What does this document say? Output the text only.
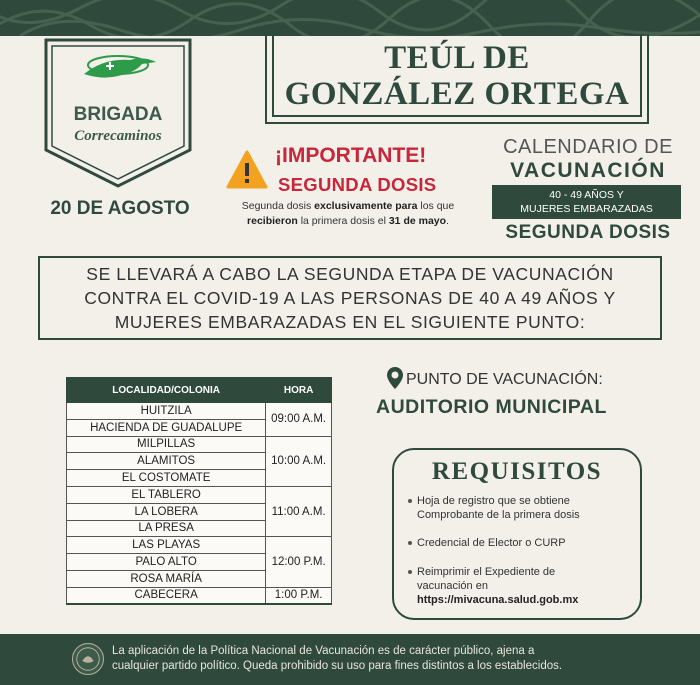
BRIGADA
Correcaminos
20 DE AGOSTO
TEÚL DE
GONZÁLEZ ORTEGA
¡IMPORTANTE!
SEGUNDA DOSIS
Segunda dosis exclusivamente para los que recibieron la primera dosis el 31 de mayo.
CALENDARIO DE
VACUNACIÓN
40 - 49 AÑOS Y
MUJERES EMBARAZADAS
SEGUNDA DOSIS
SE LLEVARÁ A CABO LA SEGUNDA ETAPA DE VACUNACIÓN
CONTRA EL COVID-19 A LAS PERSONAS DE 40 A 49 AÑOS Y
MUJERES EMBARAZADAS EN EL SIGUIENTE PUNTO:
LOCALIDAD/COLONIA	HORA
HUITZILA	09:00 A.M.
HACIENDA DE GUADALUPE	
MILPILLAS	10:00 A.M.
ALAMITOS	
EL COSTOMATE	
EL TABLERO	11:00 A.M.
LA LOBERA	
LA PRESA	
LAS PLAYAS	12:00 P.M.
PALO ALTO	
ROSA MARÍA	
CABECERA	1:00 P.M.
PUNTO DE VACUNACIÓN:
AUDITORIO MUNICIPAL
REQUISITOS
Hoja de registro que se obtiene
Comprobante de la primera dosis
Credencial de Elector o CURP
Reimprimir el Expediente de
vacunación en
https://mivacuna.salud.gob.mx
La aplicación de la Política Nacional de Vacunación es de carácter público, ajena a
cualquier partido político. Queda prohibido su uso para fines distintos a los establecidos.
